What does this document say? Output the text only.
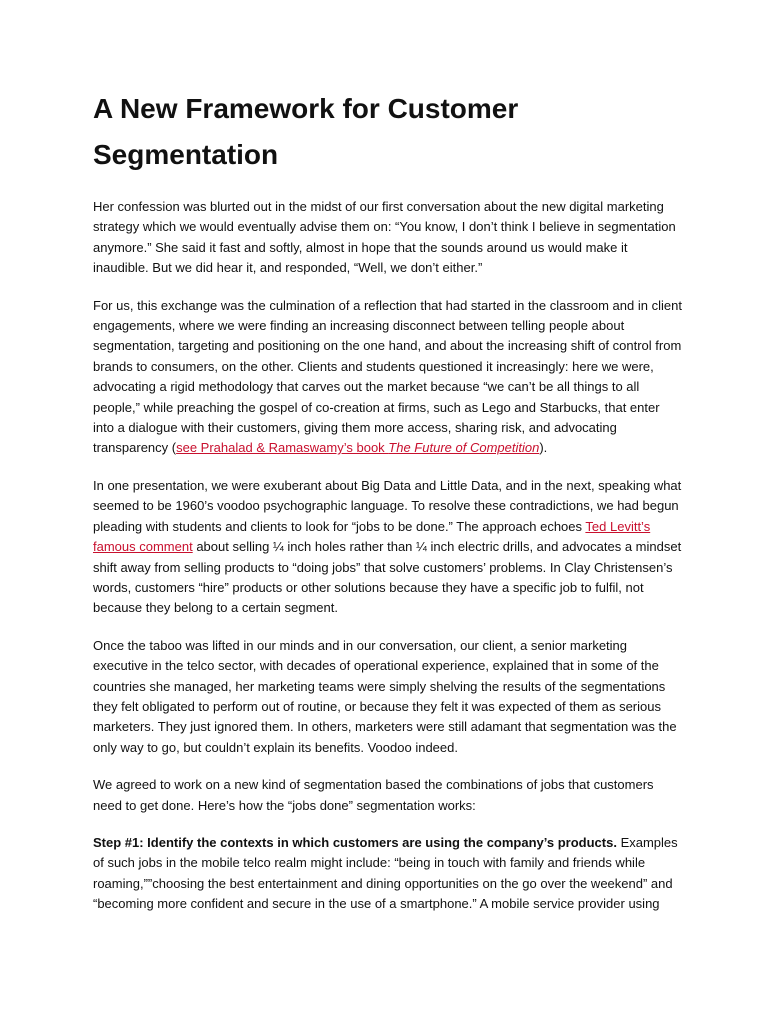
A New Framework for Customer Segmentation

Her confession was blurted out in the midst of our first conversation about the new digital marketing strategy which we would eventually advise them on: “You know, I don’t think I believe in segmentation anymore.” She said it fast and softly, almost in hope that the sounds around us would make it inaudible. But we did hear it, and responded, “Well, we don’t either.”

For us, this exchange was the culmination of a reflection that had started in the classroom and in client engagements, where we were finding an increasing disconnect between telling people about segmentation, targeting and positioning on the one hand, and about the increasing shift of control from brands to consumers, on the other. Clients and students questioned it increasingly: here we were, advocating a rigid methodology that carves out the market because “we can’t be all things to all people,” while preaching the gospel of co-creation at firms, such as Lego and Starbucks, that enter into a dialogue with their customers, giving them more access, sharing risk, and advocating transparency (see Prahalad & Ramaswamy’s book The Future of Competition).

In one presentation, we were exuberant about Big Data and Little Data, and in the next, speaking what seemed to be 1960’s voodoo psychographic language. To resolve these contradictions, we had begun pleading with students and clients to look for “jobs to be done.” The approach echoes Ted Levitt’s famous comment about selling ¼ inch holes rather than ¼ inch electric drills, and advocates a mindset shift away from selling products to “doing jobs” that solve customers’ problems. In Clay Christensen’s words, customers “hire” products or other solutions because they have a specific job to fulfil, not because they belong to a certain segment.

Once the taboo was lifted in our minds and in our conversation, our client, a senior marketing executive in the telco sector, with decades of operational experience, explained that in some of the countries she managed, her marketing teams were simply shelving the results of the segmentations they felt obligated to perform out of routine, or because they felt it was expected of them as serious marketers. They just ignored them. In others, marketers were still adamant that segmentation was the only way to go, but couldn’t explain its benefits. Voodoo indeed.

We agreed to work on a new kind of segmentation based the combinations of jobs that customers need to get done. Here’s how the “jobs done” segmentation works:

Step #1: Identify the contexts in which customers are using the company’s products. Examples of such jobs in the mobile telco realm might include: “being in touch with family and friends while roaming,””choosing the best entertainment and dining opportunities on the go over the weekend” and “becoming more confident and secure in the use of a smartphone.” A mobile service provider using
